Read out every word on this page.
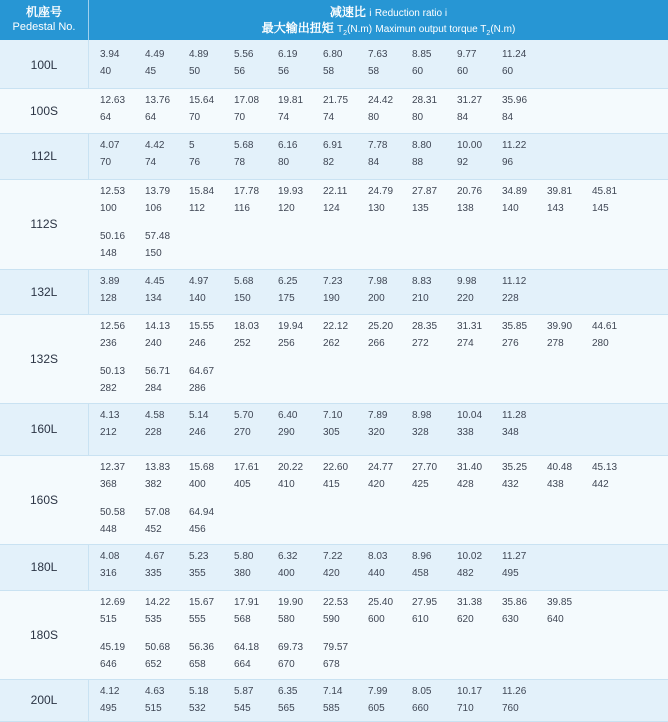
机座号
Pedestal No.
减速比 i Reduction ratio i
最大输出扭矩 $T_2(N.m)$ Maximun output torque $T_2(N.m)$
100L
3.94
40
4.49
45
4.89
50
5.56
56
6.19
56
6.80
58
7.63
58
8.85
60
9.77
60
11.24
60
100S
12.63
64
13.76
64
15.64
70
17.08
70
19.81
74
21.75
74
24.42
80
28.31
80
31.27
84
35.96
84
112L
4.07
70
4.42
74
5
76
5.68
78
6.16
80
6.91
82
7.78
84
8.80
88
10.00
92
11.22
96
112S
12.53
100
13.79
106
15.84
112
17.78
116
19.93
120
22.11
124
24.79
130
27.87
135
20.76
138
34.89
140
39.81
143
45.81
145
50.16
148
57.48
150
132L
3.89
128
4.45
134
4.97
140
5.68
150
6.25
175
7.23
190
7.98
200
8.83
210
9.98
220
11.12
228
132S
12.56
236
14.13
240
15.55
246
18.03
252
19.94
256
22.12
262
25.20
266
28.35
272
31.31
274
35.85
276
39.90
278
44.61
280
50.13
282
56.71
284
64.67
286
160L
4.13
212
4.58
228
5.14
246
5.70
270
6.40
290
7.10
305
7.89
320
8.98
328
10.04
338
11.28
348
160S
12.37
368
13.83
382
15.68
400
17.61
405
20.22
410
22.60
415
24.77
420
27.70
425
31.40
428
35.25
432
40.48
438
45.13
442
50.58
448
57.08
452
64.94
456
180L
4.08
316
4.67
335
5.23
355
5.80
380
6.32
400
7.22
420
8.03
440
8.96
458
10.02
482
11.27
495
180S
12.69
515
14.22
535
15.67
555
17.91
568
19.90
580
22.53
590
25.40
600
27.95
610
31.38
620
35.86
630
39.85
640
45.19
646
50.68
652
56.36
658
64.18
664
69.73
670
79.57
678
200L
4.12
495
4.63
515
5.18
532
5.87
545
6.35
565
7.14
585
7.99
605
8.05
660
10.17
710
11.26
760
